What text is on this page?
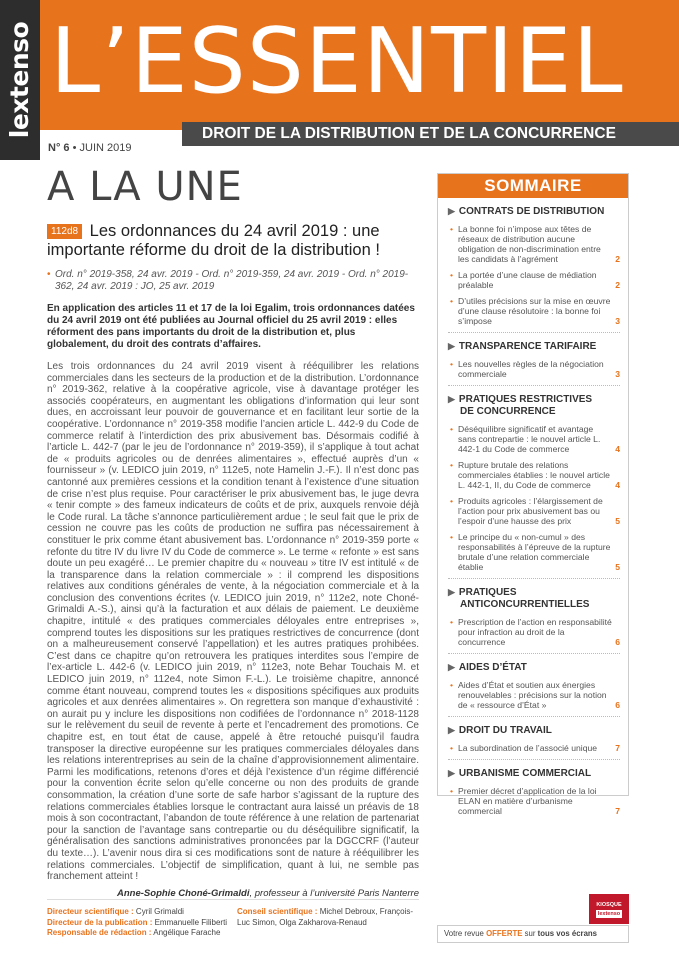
lextenso L’ESSENTIEL
DROIT DE LA DISTRIBUTION ET DE LA CONCURRENCE
N° 6 • JUIN 2019
A LA UNE
112d8 Les ordonnances du 24 avril 2019 : une importante réforme du droit de la distribution !
• Ord. n° 2019-358, 24 avr. 2019 - Ord. n° 2019-359, 24 avr. 2019 - Ord. n° 2019-362, 24 avr. 2019 : JO, 25 avr. 2019
En application des articles 11 et 17 de la loi Egalim, trois ordonnances datées du 24 avril 2019 ont été publiées au Journal officiel du 25 avril 2019 : elles réforment des pans importants du droit de la distribution et, plus globalement, du droit des contrats d’affaires.
Les trois ordonnances du 24 avril 2019 visent à rééquilibrer les relations commerciales dans les secteurs de la production et de la distribution. L’ordonnance n° 2019-362, relative à la coopérative agricole, vise à davantage protéger les associés coopérateurs, en augmentant les obligations d’information qui leur sont dues, en accroissant leur pouvoir de gouvernance et en facilitant leur sortie de la coopérative. L’ordonnance n° 2019-358 modifie l’ancien article L. 442-9 du Code de commerce relatif à l’interdiction des prix abusivement bas. Désormais codifié à l’article L. 442-7 (par le jeu de l’ordonnance n° 2019-359), il s’applique à tout achat de « produits agricoles ou de denrées alimentaires », effectué auprès d’un « fournisseur » (v. LEDICO juin 2019, n° 112e5, note Hamelin J.-F.). Il n’est donc pas cantonné aux premières cessions et la condition tenant à l’existence d’une situation de crise n’est plus requise. Pour caractériser le prix abusivement bas, le juge devra « tenir compte » des fameux indicateurs de coûts et de prix, auxquels renvoie déjà le Code rural. La tâche s’annonce particulièrement ardue ; le seul fait que le prix de cession ne couvre pas les coûts de production ne suffira pas nécessairement à constituer le prix comme étant abusivement bas. L’ordonnance n° 2019-359 porte « refonte du titre IV du livre IV du Code de commerce ». Le terme « refonte » est sans doute un peu exagéré… Le premier chapitre du « nouveau » titre IV est intitulé « de la transparence dans la relation commerciale » : il comprend les dispositions relatives aux conditions générales de vente, à la négociation commerciale et à la conclusion des conventions écrites (v. LEDICO juin 2019, n° 112e2, note Choné-Grimaldi A.-S.), ainsi qu’à la facturation et aux délais de paiement. Le deuxième chapitre, intitulé « des pratiques commerciales déloyales entre entreprises », comprend toutes les dispositions sur les pratiques restrictives de concurrence (dont on a malheureusement conservé l’appellation) et les autres pratiques prohibées. C’est dans ce chapitre qu’on retrouvera les pratiques interdites sous l’empire de l’ex-article L. 442-6 (v. LEDICO juin 2019, n° 112e3, note Behar Touchais M. et LEDICO juin 2019, n° 112e4, note Simon F.-L.). Le troisième chapitre, annoncé comme étant nouveau, comprend toutes les « dispositions spécifiques aux produits agricoles et aux denrées alimentaires ». On regrettera son manque d’exhaustivité : on aurait pu y inclure les dispositions non codifiées de l’ordonnance n° 2018-1128 sur le relèvement du seuil de revente à perte et l’encadrement des promotions. Ce chapitre est, en tout état de cause, appelé à être retouché puisqu’il faudra transposer la directive européenne sur les pratiques commerciales déloyales dans les relations interentreprises au sein de la chaîne d’approvisionnement alimentaire. Parmi les modifications, retenons d’ores et déjà l’existence d’un régime différencié pour la convention écrite selon qu’elle concerne ou non des produits de grande consommation, la création d’une sorte de safe harbor s’agissant de la rupture des relations commerciales établies lorsque le contractant aura laissé un préavis de 18 mois à son cocontractant, l’abandon de toute référence à une relation de partenariat pour la sanction de l’avantage sans contrepartie ou du déséquilibre significatif, la généralisation des sanctions administratives prononcées par la DGCCRF (l’auteur du texte…). L’avenir nous dira si ces modifications sont de nature à rééquilibrer les relations commerciales. L’objectif de simplification, quant à lui, ne semble pas franchement atteint !
Anne-Sophie Choné-Grimaldi, professeur à l’université Paris Nanterre
SOMMAIRE
▶ CONTRATS DE DISTRIBUTION
• La bonne foi n’impose aux têtes de réseaux de distribution aucune obligation de non-discrimination entre les candidats à l’agrément	2
• La portée d’une clause de médiation préalable	2
• D’utiles précisions sur la mise en œuvre d’une clause résolutoire : la bonne foi s’impose	3
▶ TRANSPARENCE TARIFAIRE
• Les nouvelles règles de la négociation commerciale	3
▶ PRATIQUES RESTRICTIVES
DE CONCURRENCE
• Déséquilibre significatif et avantage sans contrepartie : le nouvel article L. 442-1 du Code de commerce	4
• Rupture brutale des relations commerciales établies : le nouvel article L. 442-1, II, du Code de commerce	4
• Produits agricoles : l’élargissement de l’action pour prix abusivement bas ou l’espoir d’une hausse des prix	5
• Le principe du « non-cumul » des responsabilités à l’épreuve de la rupture brutale d’une relation commerciale établie	5
▶ PRATIQUES
ANTICONCURRENTIELLES
• Prescription de l’action en responsabilité pour infraction au droit de la concurrence	6
▶ AIDES D’ÉTAT
• Aides d’État et soutien aux énergies renouvelables : précisions sur la notion de « ressource d’État »	6
▶ DROIT DU TRAVAIL
• La subordination de l’associé unique 7
▶ URBANISME COMMERCIAL
• Premier décret d’application de la loi ELAN en matière d’urbanisme commercial	7
Directeur scientifique : Cyril Grimaldi
Directeur de la publication : Emmanuelle Filiberti
Responsable de rédaction : Angélique Farache
Conseil scientifique : Michel Debroux, François-Luc Simon, Olga Zakharova-Renaud
KIOSQUE
lextenso
Votre revue OFFERTE sur tous vos écrans
